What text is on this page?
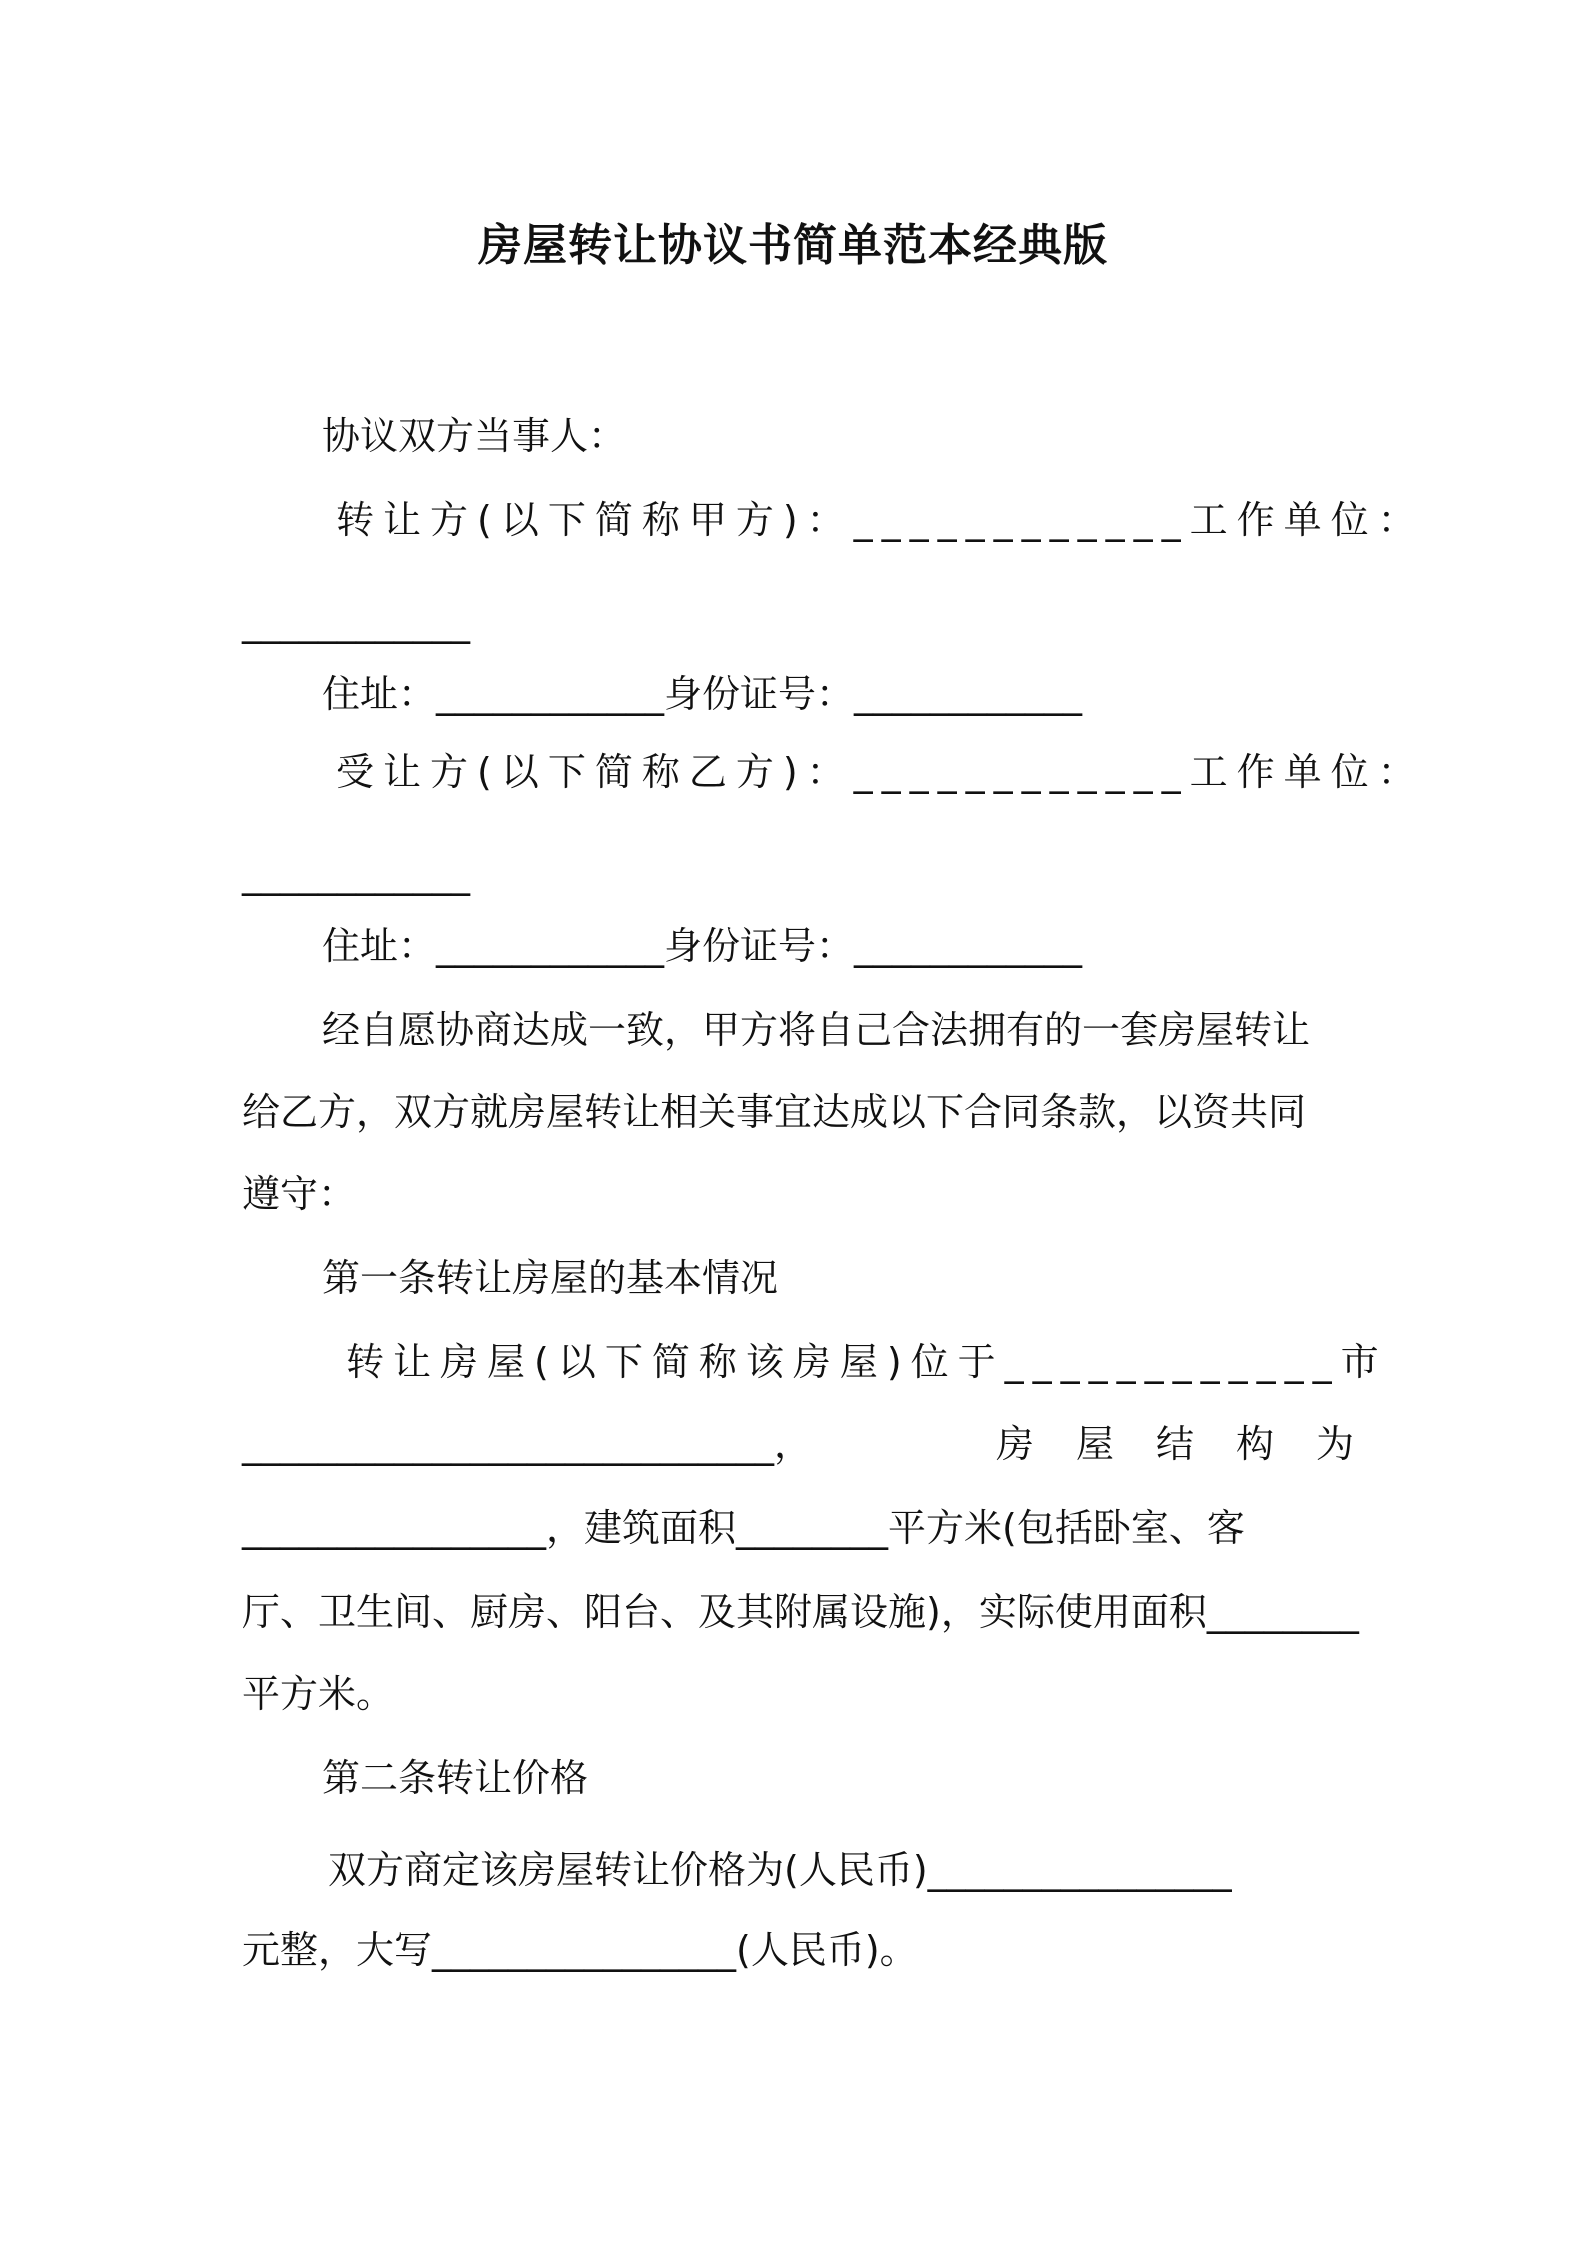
房屋转让协议书简单范本经典版
协议双方当事人：
转让方(以下简称甲方)：____________工作单位：
____________
住址：____________身份证号：____________
受让方(以下简称乙方)：____________工作单位：
____________
住址：____________身份证号：____________
经自愿协商达成一致，甲方将自己合法拥有的一套房屋转让
给乙方，双方就房屋转让相关事宜达成以下合同条款，以资共同
遵守：
第一条转让房屋的基本情况
转让房屋(以下简称该房屋)位于____________市
____________________________，	房屋结构为
________________，建筑面积________平方米(包括卧室、客
厅、卫生间、厨房、阳台、及其附属设施)，实际使用面积________
平方米。
第二条转让价格
双方商定该房屋转让价格为(人民币)________________
元整，大写________________(人民币)。
